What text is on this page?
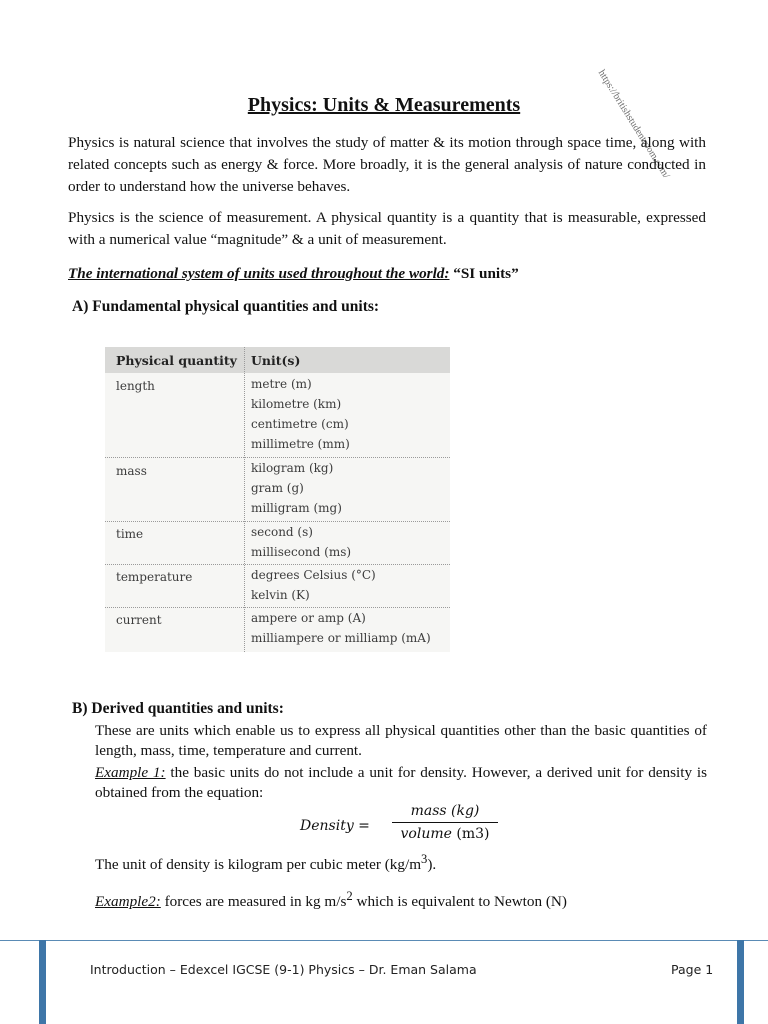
https://britishstudentroom.com/
Physics: Units & Measurements

Physics is natural science that involves the study of matter & its motion through space time, along with related concepts such as energy & force. More broadly, it is the general analysis of nature conducted in order to understand how the universe behaves.

Physics is the science of measurement. A physical quantity is a quantity that is measurable, expressed with a numerical value “magnitude” & a unit of measurement.

The international system of units used throughout the world: “SI units”

A) Fundamental physical quantities and units:
Physical quantity Unit(s)
length	metre (m)
kilometre (km)
centimetre (cm)
millimetre (mm)
mass	kilogram (kg)
gram (g)
milligram (mg)
time	second (s)
millisecond (ms)
temperature	degrees Celsius (°C)
kelvin (K)
current	ampere or amp (A)
milliampere or milliamp (mA)
B) Derived quantities and units:

These are units which enable us to express all physical quantities other than the basic quantities of length, mass, time, temperature and current.

Example 1: the basic units do not include a unit for density. However, a derived unit for density is obtained from the equation:

Density =
mass (kg)
volume (m3)

The unit of density is kilogram per cubic meter $(kg/m^3)$.

Example2: forces are measured in kg $m/s^2$ which is equivalent to Newton (N)

Introduction – Edexcel IGCSE (9-1) Physics – Dr. Eman Salama	Page 1
